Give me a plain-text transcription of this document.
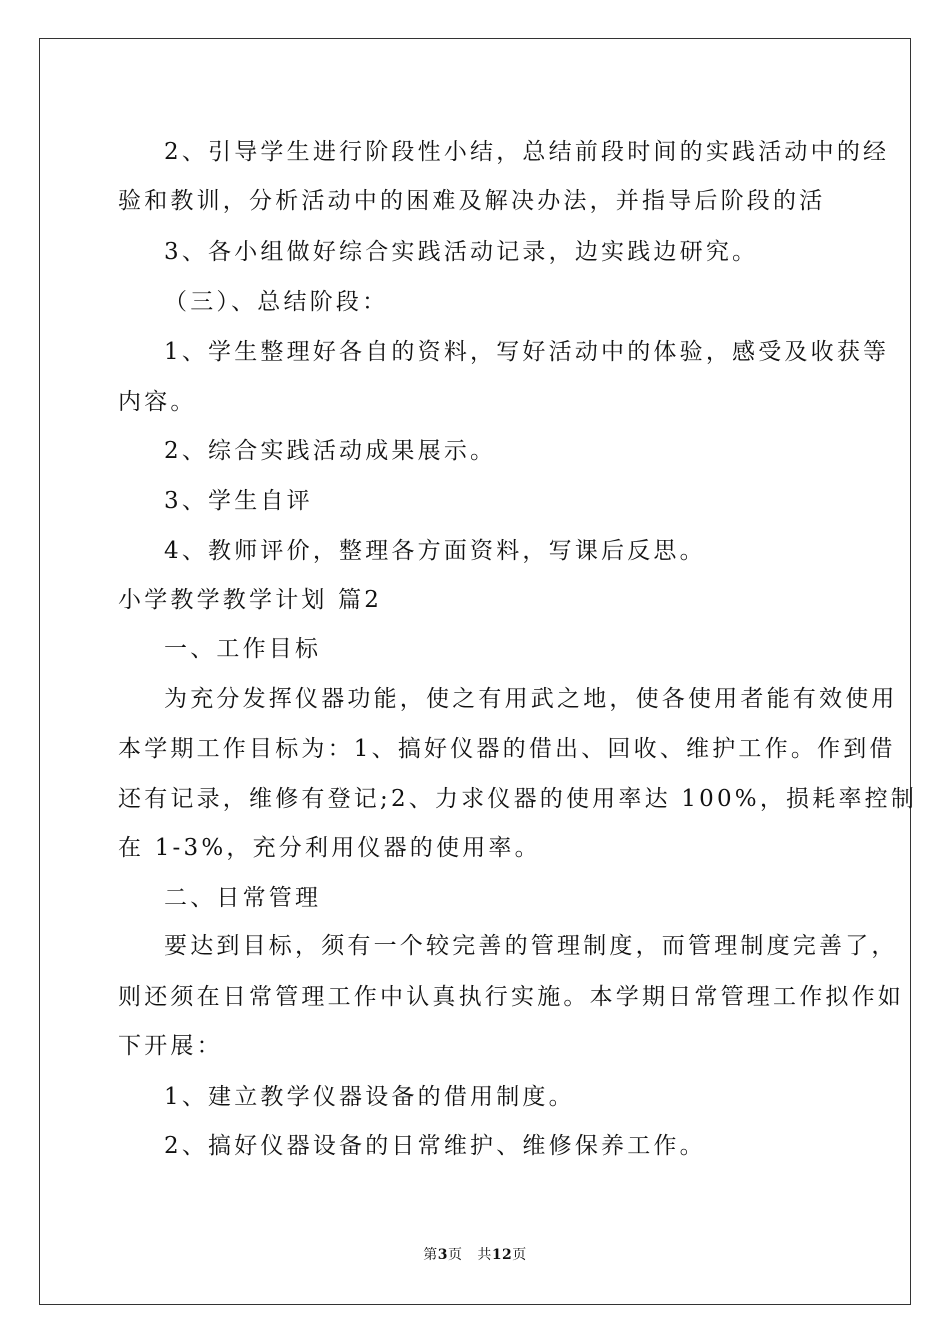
2、引导学生进行阶段性小结，总结前段时间的实践活动中的经
验和教训，分析活动中的困难及解决办法，并指导后阶段的活
3、各小组做好综合实践活动记录，边实践边研究。
（三）、总结阶段：
1、学生整理好各自的资料，写好活动中的体验，感受及收获等
内容。
2、综合实践活动成果展示。
3、学生自评
4、教师评价，整理各方面资料，写课后反思。
小学教学教学计划 篇2
一、工作目标
为充分发挥仪器功能，使之有用武之地，使各使用者能有效使用
本学期工作目标为：1、搞好仪器的借出、回收、维护工作。作到借
还有记录，维修有登记;2、力求仪器的使用率达 100%，损耗率控制
在 1-3%，充分利用仪器的使用率。
二、日常管理
要达到目标，须有一个较完善的管理制度，而管理制度完善了，
则还须在日常管理工作中认真执行实施。本学期日常管理工作拟作如
下开展：
1、建立教学仪器设备的借用制度。
2、搞好仪器设备的日常维护、维修保养工作。
第3页 共12页
